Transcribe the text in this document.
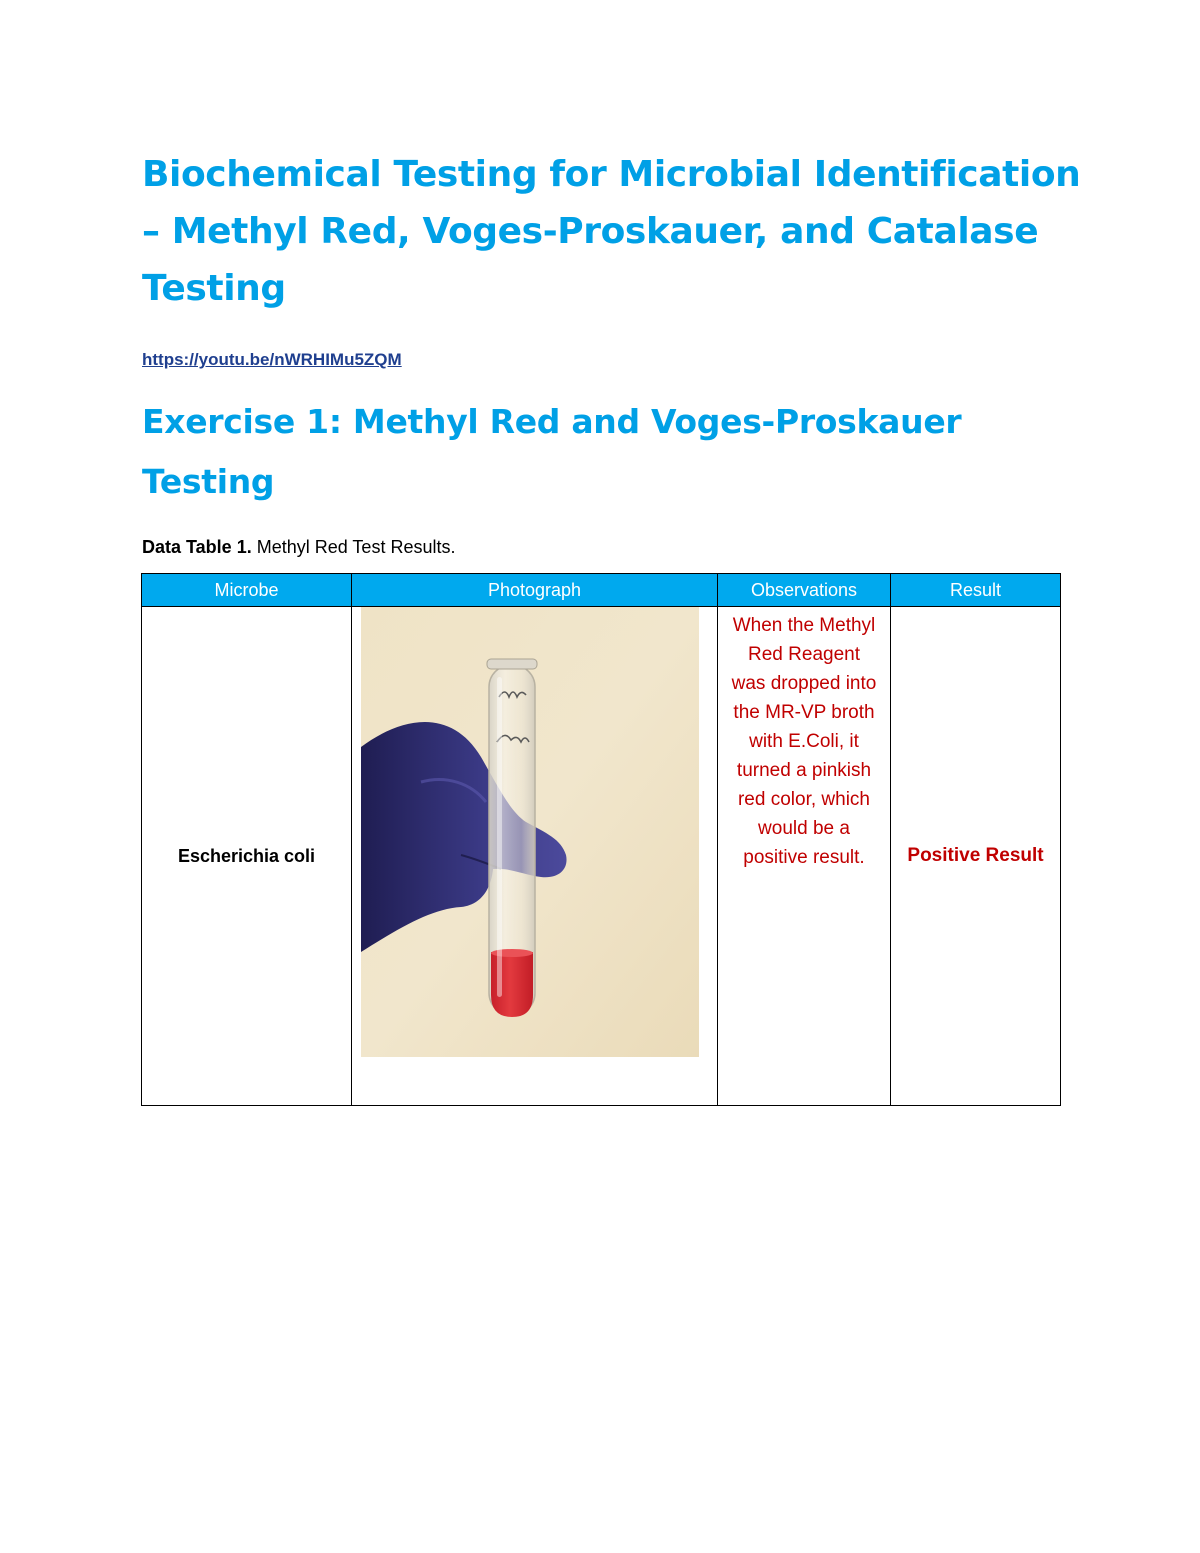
Biochemical Testing for Microbial Identification – Methyl Red, Voges-Proskauer, and Catalase Testing
https://youtu.be/nWRHIMu5ZQM
Exercise 1: Methyl Red and Voges-Proskauer Testing
Data Table 1. Methyl Red Test Results.
Microbe	Photograph	Observations	Result
Escherichia coli		When the Methyl Red Reagent was dropped into the MR-VP broth with E.Coli, it turned a pinkish red color, which would be a positive result.	Positive Result
